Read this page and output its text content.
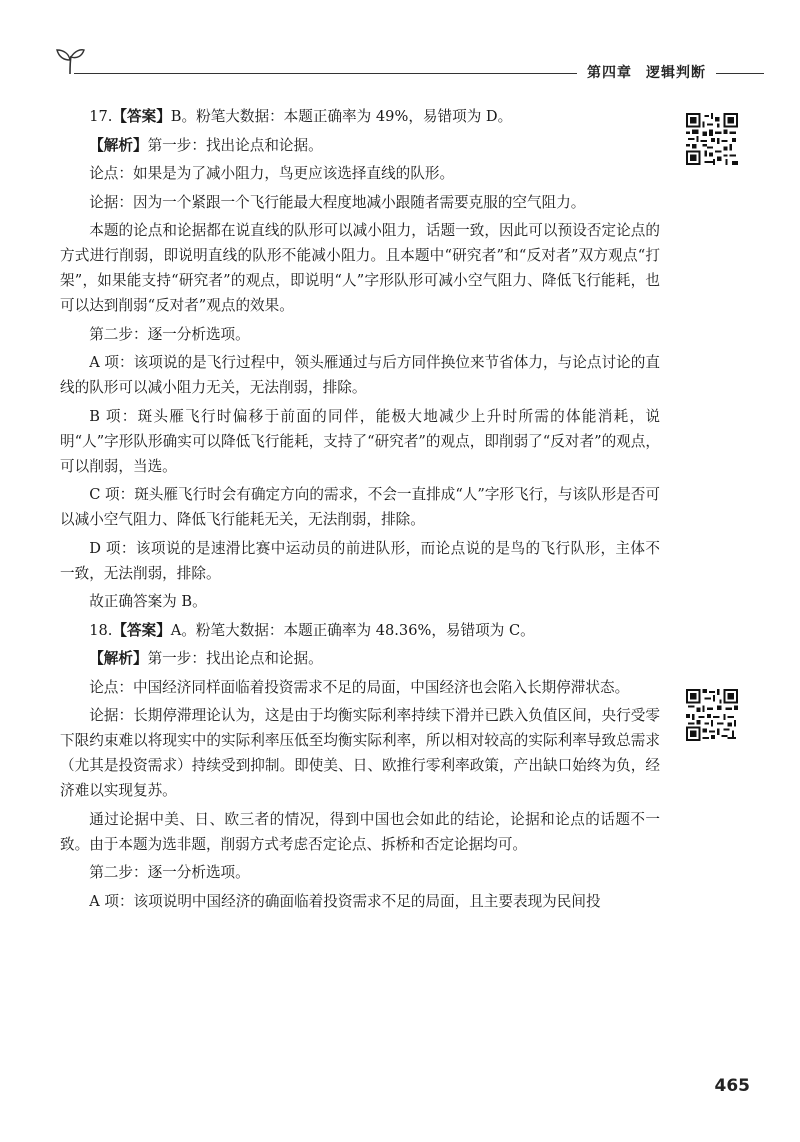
第四章 逻辑判断

17.【答案】B。粉笔大数据：本题正确率为 49%，易错项为 D。

【解析】第一步：找出论点和论据。

论点：如果是为了减小阻力，鸟更应该选择直线的队形。

论据：因为一个紧跟一个飞行能最大程度地减小跟随者需要克服的空气阻力。

本题的论点和论据都在说直线的队形可以减小阻力，话题一致，因此可以预设否定论点的方式进行削弱，即说明直线的队形不能减小阻力。且本题中“研究者”和“反对者”双方观点“打架”，如果能支持“研究者”的观点，即说明“人”字形队形可减小空气阻力、降低飞行能耗，也可以达到削弱“反对者”观点的效果。

第二步：逐一分析选项。

A 项：该项说的是飞行过程中，领头雁通过与后方同伴换位来节省体力，与论点讨论的直线的队形可以减小阻力无关，无法削弱，排除。

B 项：斑头雁飞行时偏移于前面的同伴，能极大地减少上升时所需的体能消耗，说明“人”字形队形确实可以降低飞行能耗，支持了“研究者”的观点，即削弱了“反对者”的观点，可以削弱，当选。

C 项：斑头雁飞行时会有确定方向的需求，不会一直排成“人”字形飞行，与该队形是否可以减小空气阻力、降低飞行能耗无关，无法削弱，排除。

D 项：该项说的是速滑比赛中运动员的前进队形，而论点说的是鸟的飞行队形，主体不一致，无法削弱，排除。

故正确答案为 B。

18.【答案】A。粉笔大数据：本题正确率为 48.36%，易错项为 C。

【解析】第一步：找出论点和论据。

论点：中国经济同样面临着投资需求不足的局面，中国经济也会陷入长期停滞状态。

论据：长期停滞理论认为，这是由于均衡实际利率持续下滑并已跌入负值区间，央行受零下限约束难以将现实中的实际利率压低至均衡实际利率，所以相对较高的实际利率导致总需求（尤其是投资需求）持续受到抑制。即使美、日、欧推行零利率政策，产出缺口始终为负，经济难以实现复苏。

通过论据中美、日、欧三者的情况，得到中国也会如此的结论，论据和论点的话题不一致。由于本题为选非题，削弱方式考虑否定论点、拆桥和否定论据均可。

第二步：逐一分析选项。

A 项：该项说明中国经济的确面临着投资需求不足的局面，且主要表现为民间投

465
